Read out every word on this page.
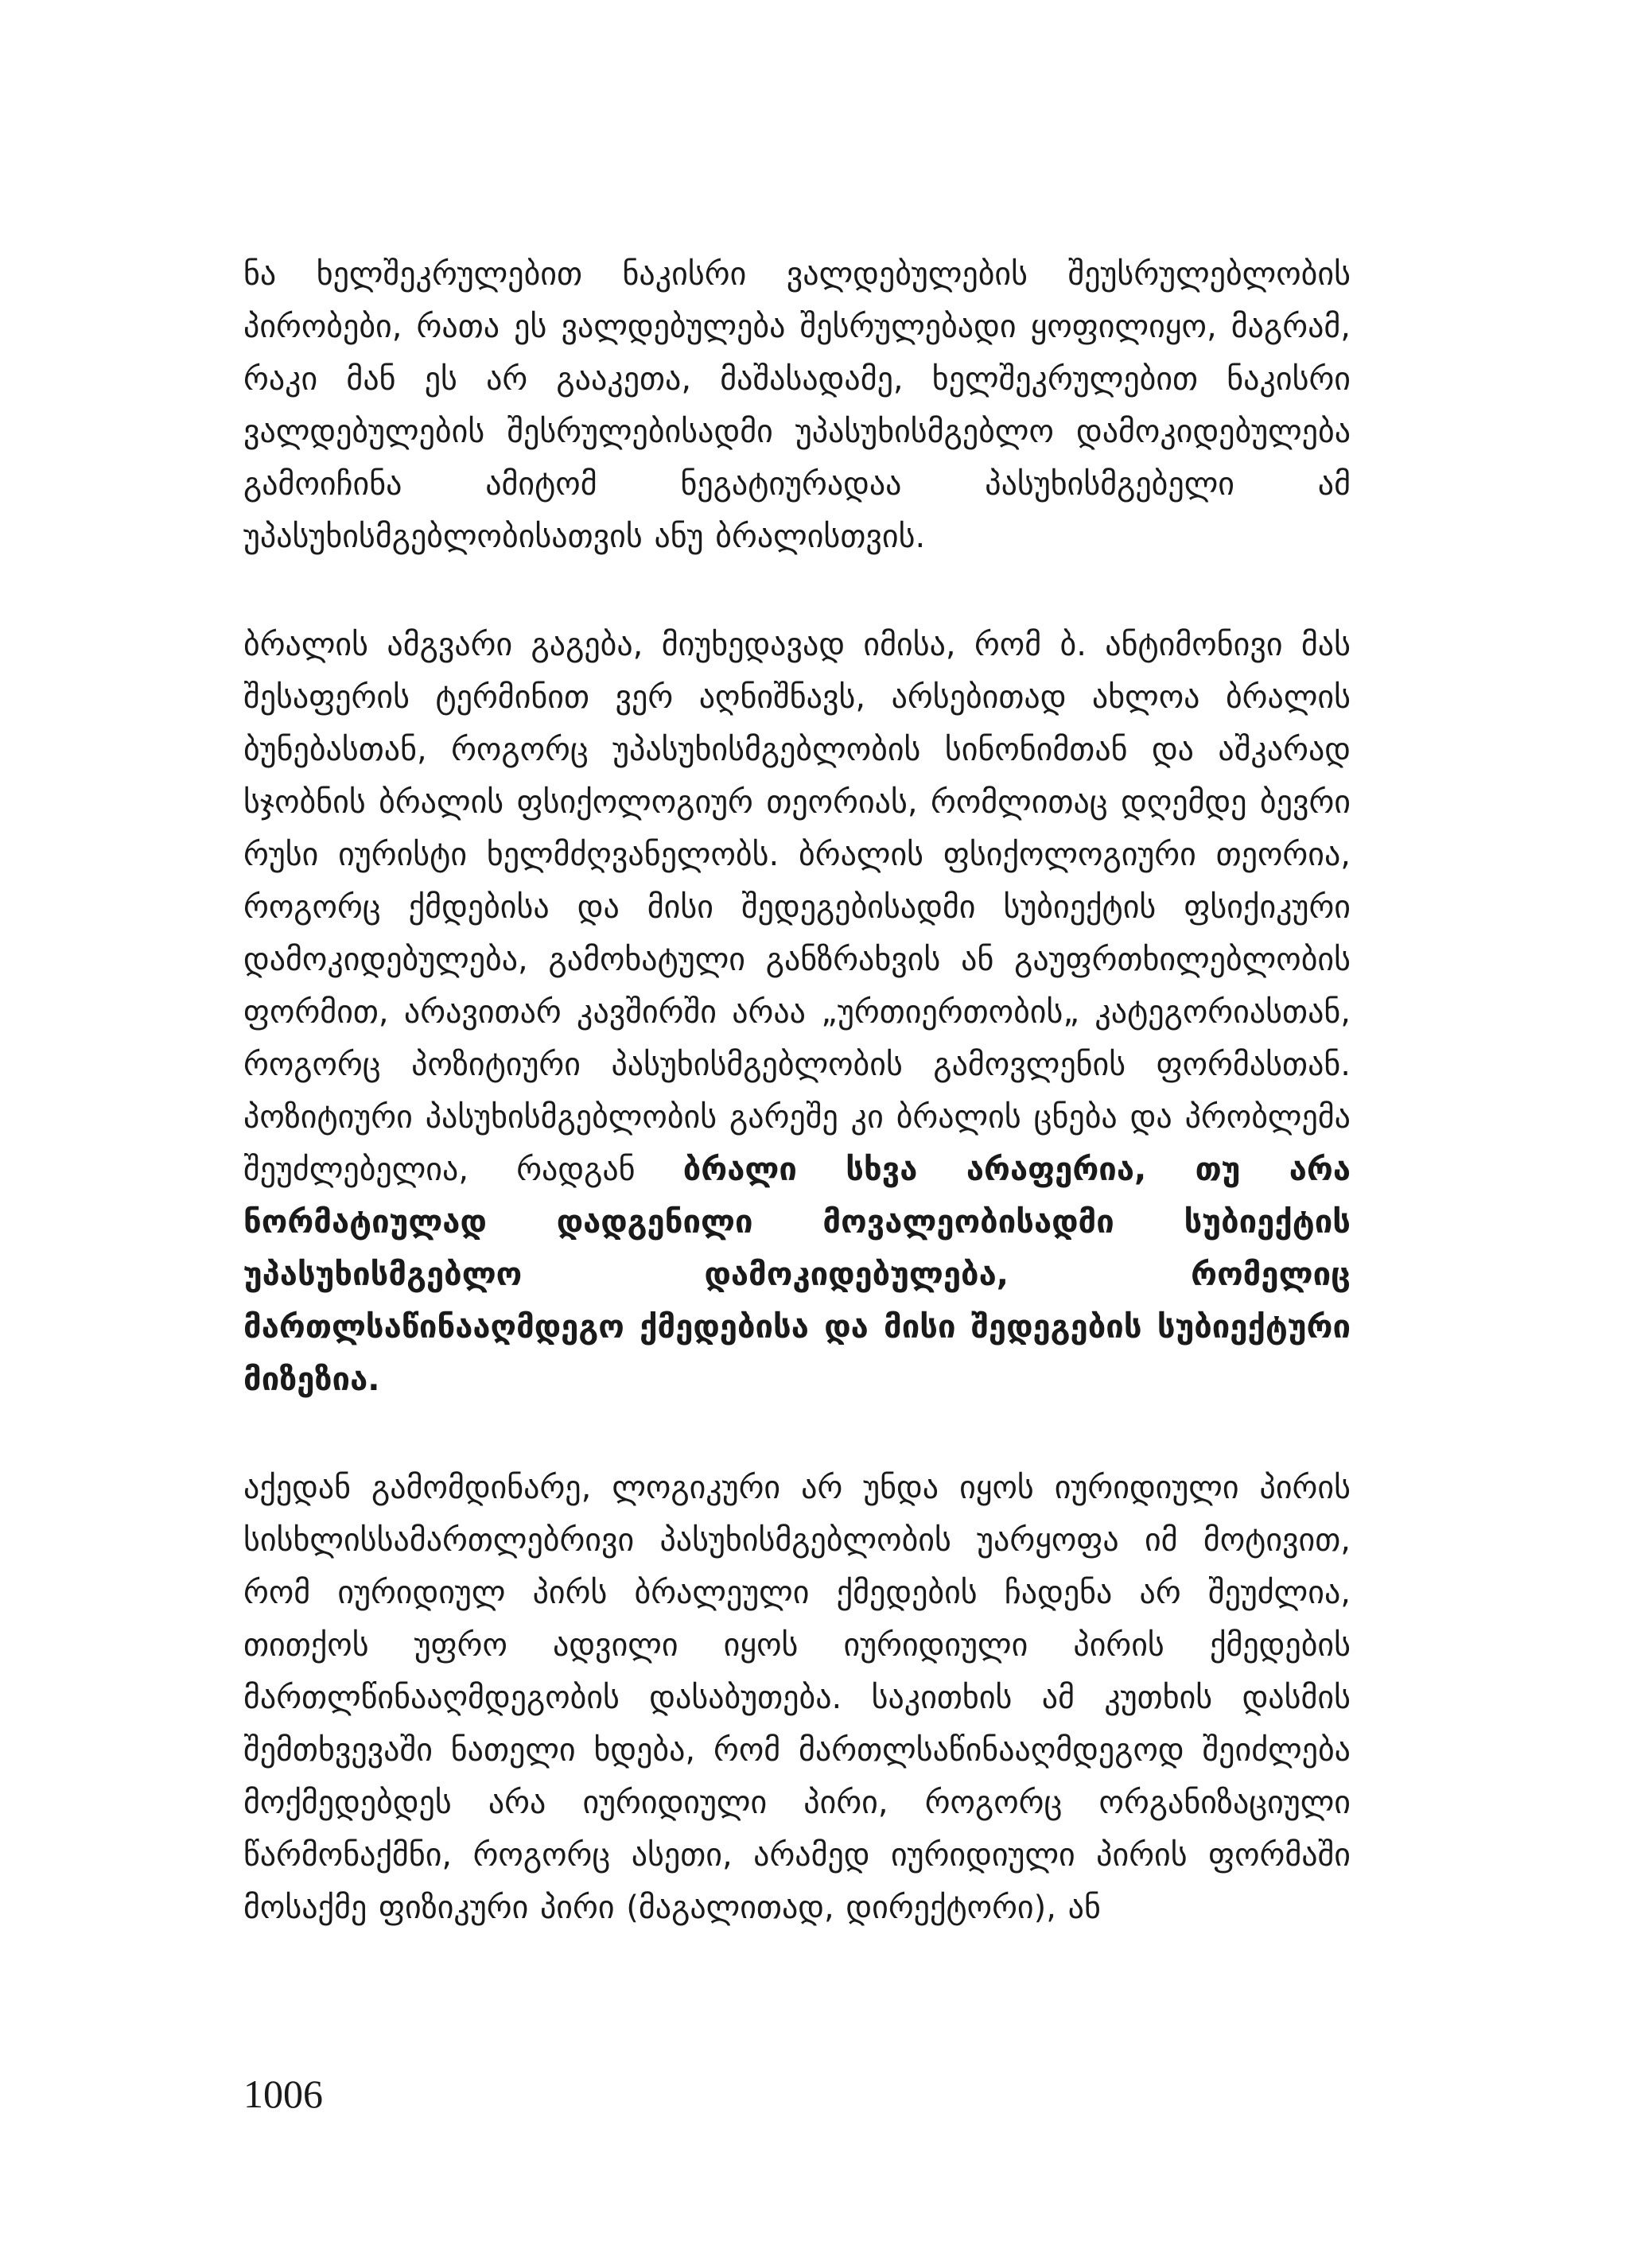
ნა ხელშეკრულებით ნაკისრი ვალდებულების შეუსრულებლობის პირობები, რათა ეს ვალდებულება შესრულებადი ყოფილიყო, მაგრამ, რაკი მან ეს არ გააკეთა, მაშასადამე, ხელშეკრულებით ნაკისრი ვალდებულების შესრულებისადმი უპასუხისმგებლო დამოკიდებულება გამოიჩინა ამიტომ ნეგატიურადაა პასუხისმგებელი ამ უპასუხისმგებლობისათვის ანუ ბრალისთვის.

ბრალის ამგვარი გაგება, მიუხედავად იმისა, რომ ბ. ანტიმონივი მას შესაფერის ტერმინით ვერ აღნიშნავს, არსებითად ახლოა ბრალის ბუნებასთან, როგორც უპასუხისმგებლობის სინონიმთან და აშკარად სჯობნის ბრალის ფსიქოლოგიურ თეორიას, რომლითაც დღემდე ბევრი რუსი იურისტი ხელმძღვანელობს. ბრალის ფსიქოლოგიური თეორია, როგორც ქმდებისა და მისი შედეგებისადმი სუბიექტის ფსიქიკური დამოკიდებულება, გამოხატული განზრახვის ან გაუფრთხილებლობის ფორმით, არავითარ კავშირში არაა „ურთიერთობის„ კატეგორიასთან, როგორც პოზიტიური პასუხისმგებლობის გამოვლენის ფორმასთან. პოზიტიური პასუხისმგებლობის გარეშე კი ბრალის ცნება და პრობლემა შეუძლებელია, რადგან ბრალი სხვა არაფერია, თუ არა ნორმატიულად დადგენილი მოვალეობისადმი სუბიექტის უპასუხისმგებლო დამოკიდებულება, რომელიც მართლსაწინააღმდეგო ქმედებისა და მისი შედეგების სუბიექტური მიზეზია.

აქედან გამომდინარე, ლოგიკური არ უნდა იყოს იურიდიული პირის სისხლისსამართლებრივი პასუხისმგებლობის უარყოფა იმ მოტივით, რომ იურიდიულ პირს ბრალეული ქმედების ჩადენა არ შეუძლია, თითქოს უფრო ადვილი იყოს იურიდიული პირის ქმედების მართლწინააღმდეგობის დასაბუთება. საკითხის ამ კუთხის დასმის შემთხვევაში ნათელი ხდება, რომ მართლსაწინააღმდეგოდ შეიძლება მოქმედებდეს არა იურიდიული პირი, როგორც ორგანიზაციული წარმონაქმნი, როგორც ასეთი, არამედ იურიდიული პირის ფორმაში მოსაქმე ფიზიკური პირი (მაგალითად, დირექტორი), ან

1006
